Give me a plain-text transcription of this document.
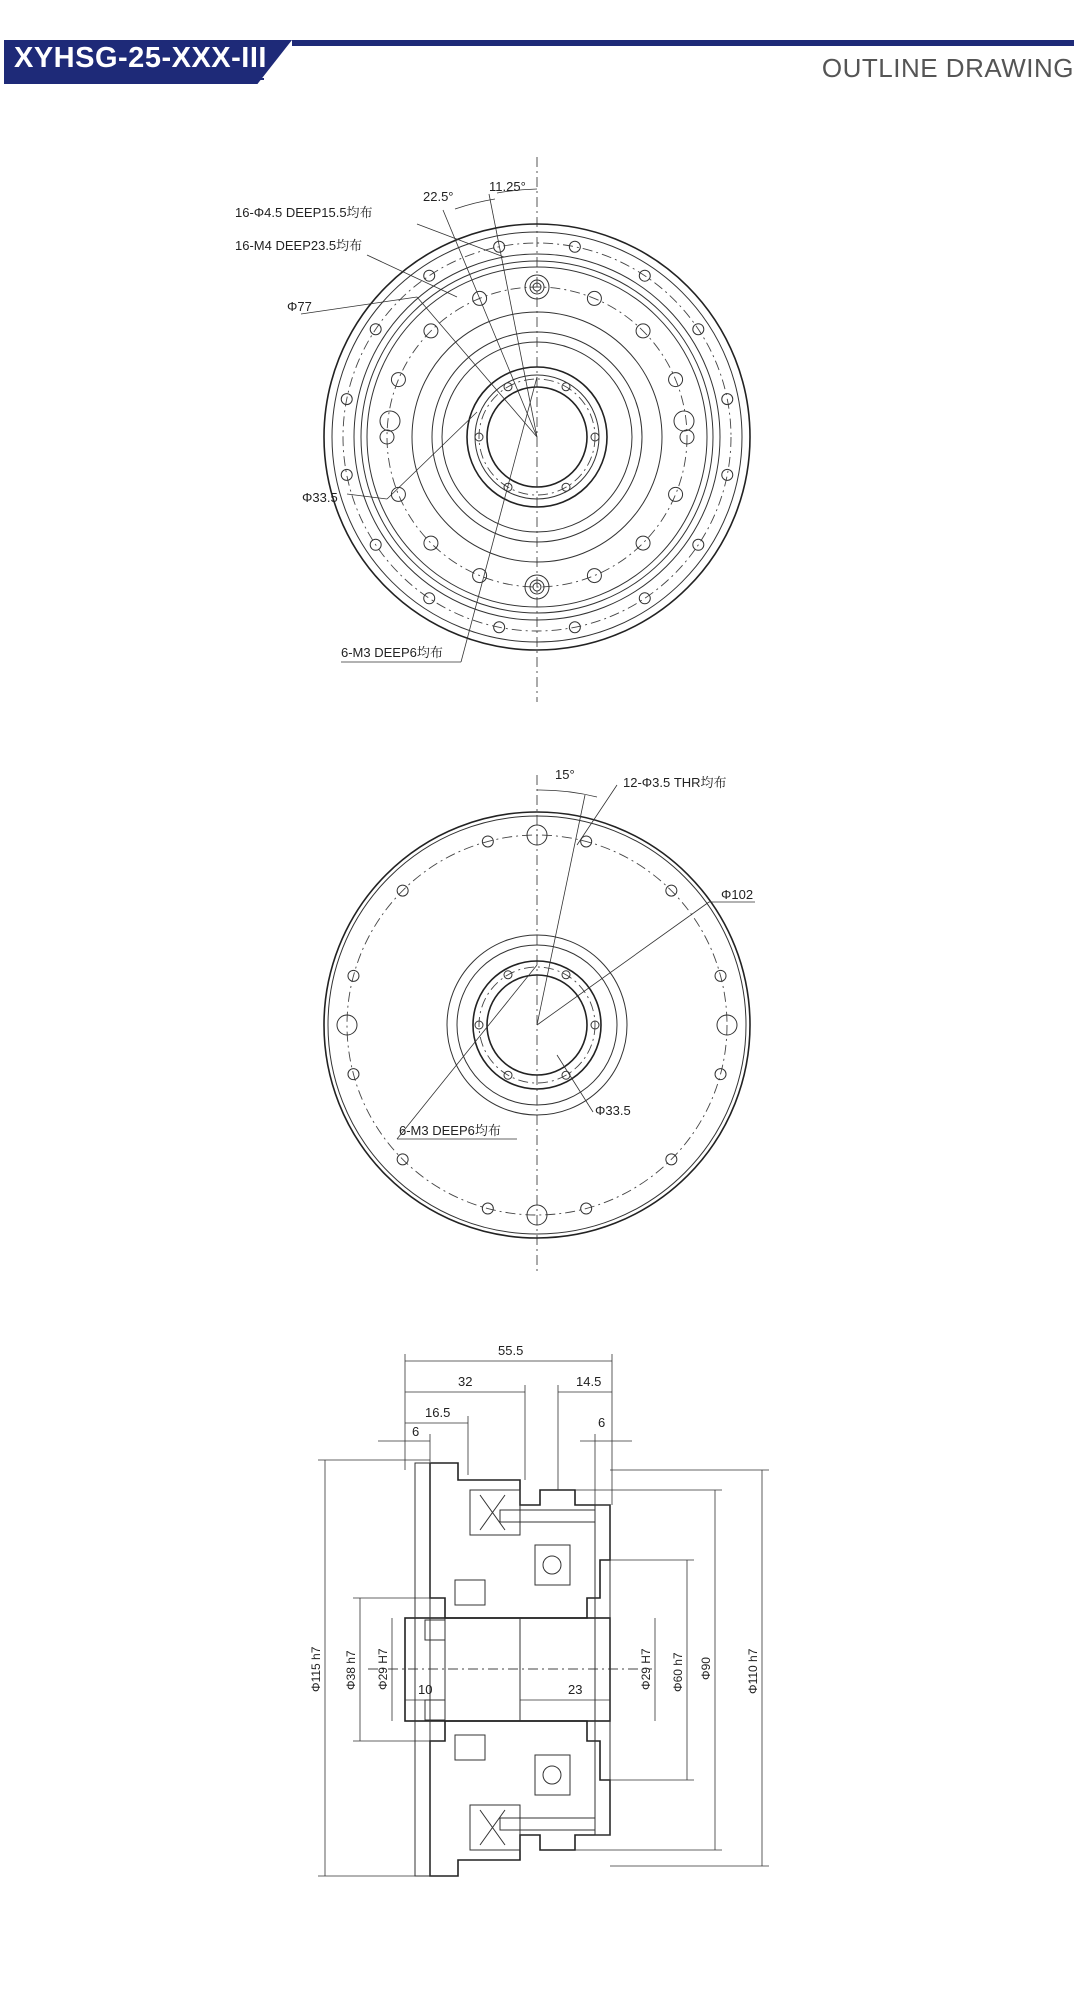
XYHSG-25-XXX-III	OUTLINE DRAWING
22.5°
11.25°
16-Φ4.5 DEEP15.5均布
16-M4 DEEP23.5均布
Φ77
Φ33.5
6-M3 DEEP6均布
15°
12-Φ3.5 THR均布
Φ102
Φ33.5
6-M3 DEEP6均布
55.5
32	14.5
16.5
6
6
10	23
Φ115 h7 Φ38 h7 Φ29 H7	Φ29 H7 Φ60 h7 Φ90	Φ110 h7
